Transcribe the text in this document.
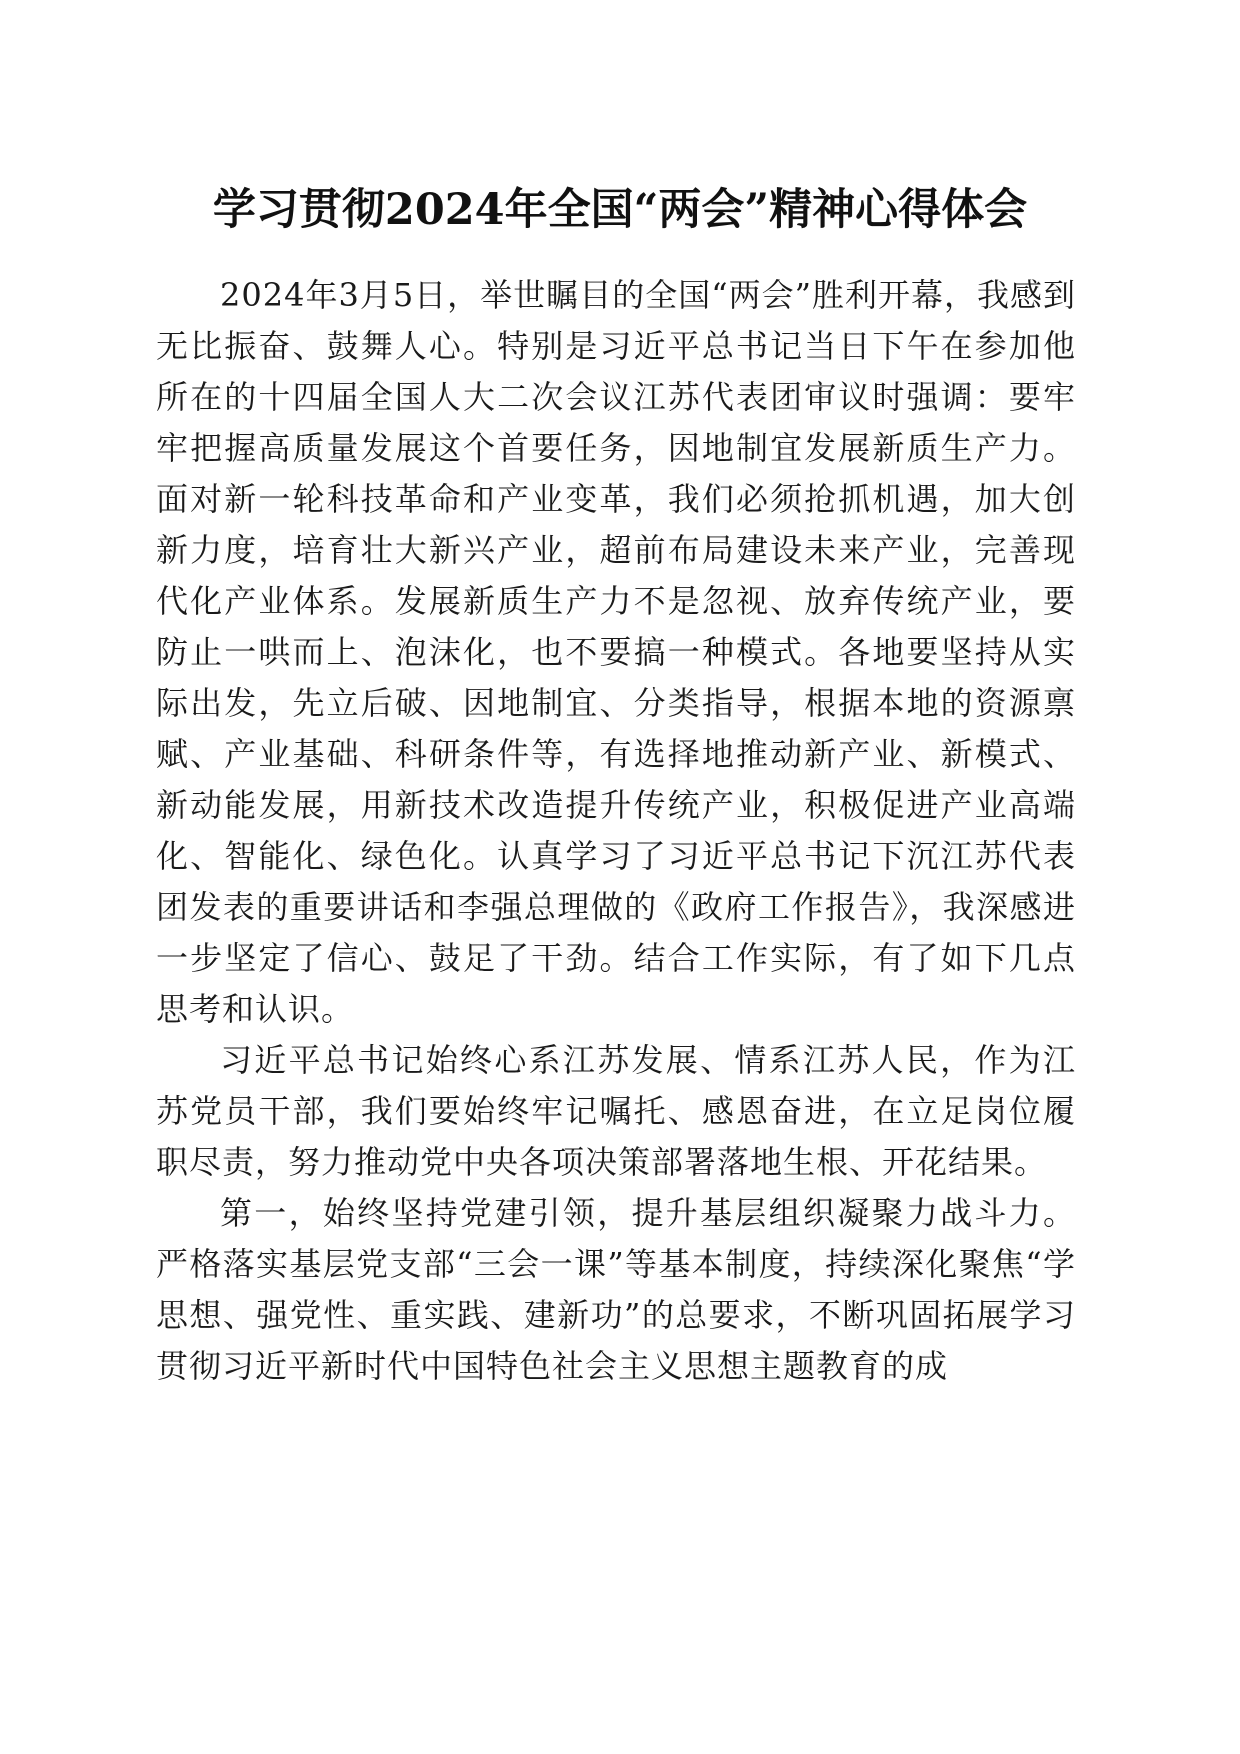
学习贯彻2024年全国“两会”精神心得体会

2024年3月5日，举世瞩目的全国“两会”胜利开幕，我感到无比振奋、鼓舞人心。特别是习近平总书记当日下午在参加他所在的十四届全国人大二次会议江苏代表团审议时强调：要牢牢把握高质量发展这个首要任务，因地制宜发展新质生产力。面对新一轮科技革命和产业变革，我们必须抢抓机遇，加大创新力度，培育壮大新兴产业，超前布局建设未来产业，完善现代化产业体系。发展新质生产力不是忽视、放弃传统产业，要防止一哄而上、泡沫化，也不要搞一种模式。各地要坚持从实际出发，先立后破、因地制宜、分类指导，根据本地的资源禀赋、产业基础、科研条件等，有选择地推动新产业、新模式、新动能发展，用新技术改造提升传统产业，积极促进产业高端化、智能化、绿色化。认真学习了习近平总书记下沉江苏代表团发表的重要讲话和李强总理做的《政府工作报告》，我深感进一步坚定了信心、鼓足了干劲。结合工作实际，有了如下几点思考和认识。

习近平总书记始终心系江苏发展、情系江苏人民，作为江苏党员干部，我们要始终牢记嘱托、感恩奋进，在立足岗位履职尽责，努力推动党中央各项决策部署落地生根、开花结果。

第一，始终坚持党建引领，提升基层组织凝聚力战斗力。严格落实基层党支部“三会一课”等基本制度，持续深化聚焦“学思想、强党性、重实践、建新功”的总要求，不断巩固拓展学习贯彻习近平新时代中国特色社会主义思想主题教育的成
